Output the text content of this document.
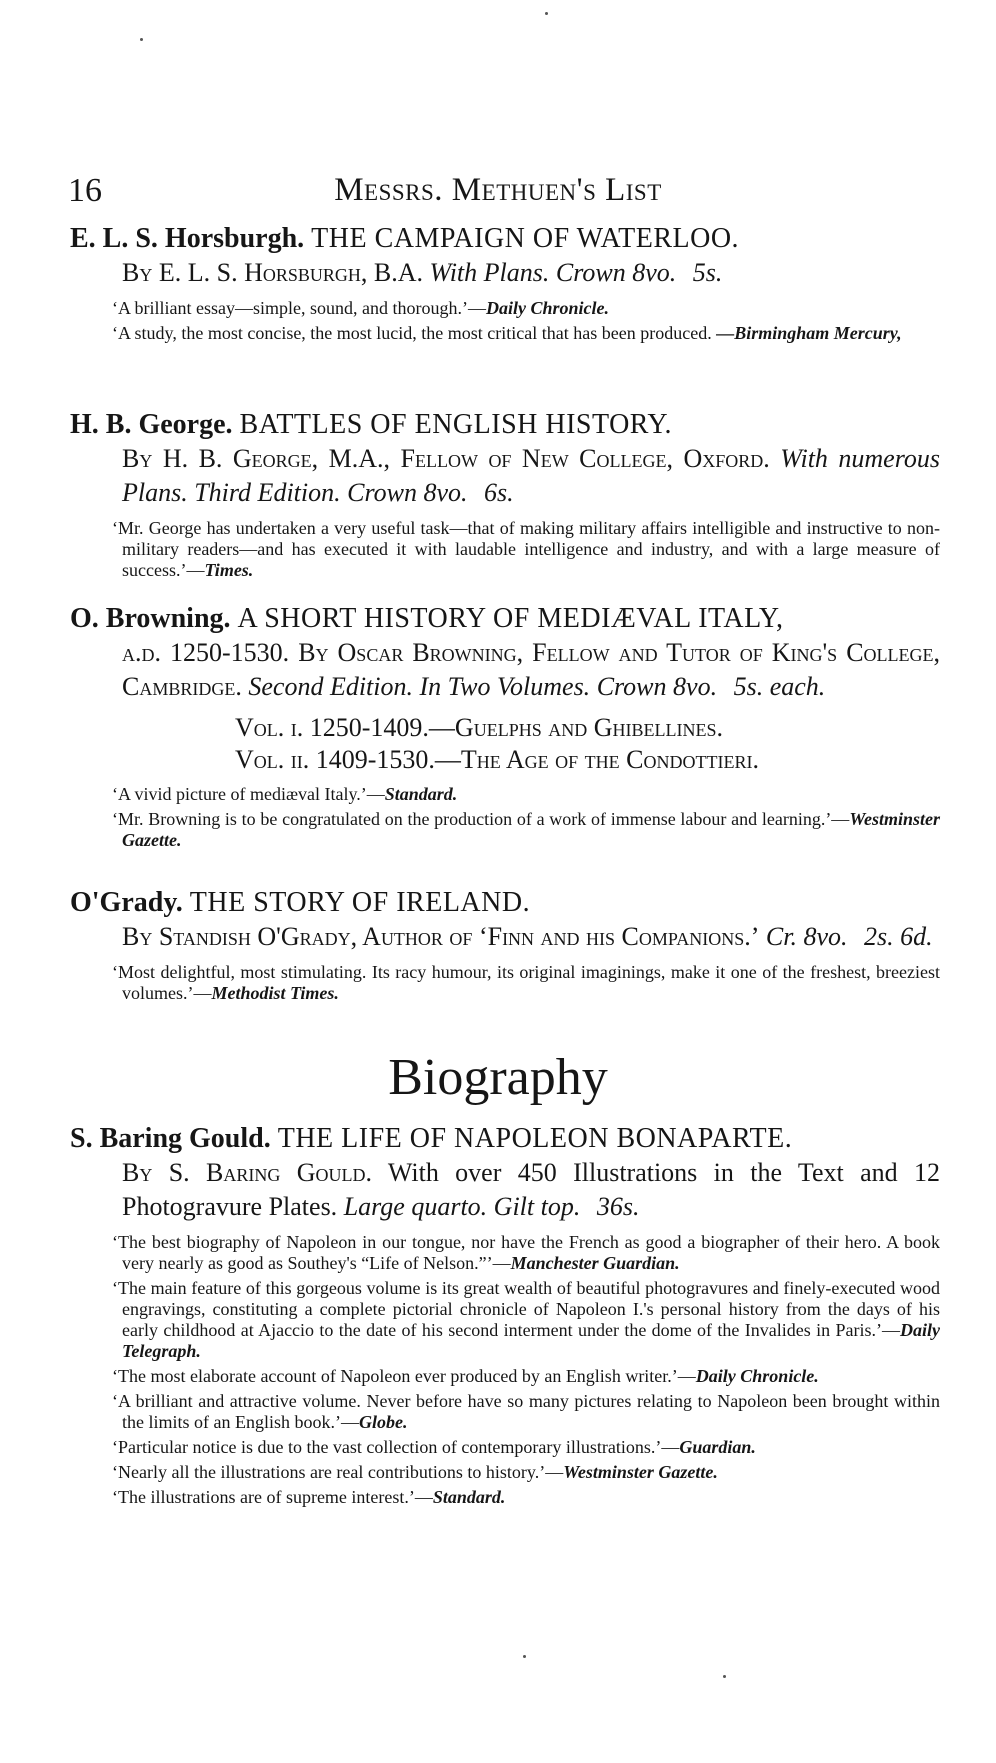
16	Messrs. Methuen's List
E. L. S. Horsburgh. THE CAMPAIGN OF WATERLOO.
By E. L. S. Horsburgh, B.A. With Plans. Crown 8vo. 5s.

‘A brilliant essay—simple, sound, and thorough.’—Daily Chronicle.

‘A study, the most concise, the most lucid, the most critical that has been produced. —Birmingham Mercury,

H. B. George. BATTLES OF ENGLISH HISTORY.
By H. B. George, M.A., Fellow of New College, Oxford. With numerous Plans. Third Edition. Crown 8vo. 6s.

‘Mr. George has undertaken a very useful task—that of making military affairs intelligible and instructive to non-military readers—and has executed it with laudable intelligence and industry, and with a large measure of success.’—Times.

O. Browning. A SHORT HISTORY OF MEDIÆVAL ITALY,
a.d. 1250-1530. By Oscar Browning, Fellow and Tutor of King's College, Cambridge. Second Edition. In Two Volumes. Crown 8vo. 5s. each.
Vol. i. 1250-1409.—Guelphs and Ghibellines.
Vol. ii. 1409-1530.—The Age of the Condottieri.

‘A vivid picture of mediæval Italy.’—Standard.

‘Mr. Browning is to be congratulated on the production of a work of immense labour and learning.’—Westminster Gazette.

O'Grady. THE STORY OF IRELAND.
By Standish O'Grady, Author of ‘Finn and his Companions.’ Cr. 8vo. 2s. 6d.

‘Most delightful, most stimulating. Its racy humour, its original imaginings, make it one of the freshest, breeziest volumes.’—Methodist Times.

Biography
S. Baring Gould. THE LIFE OF NAPOLEON BONAPARTE.
By S. Baring Gould. With over 450 Illustrations in the Text and 12 Photogravure Plates. Large quarto. Gilt top. 36s.

‘The best biography of Napoleon in our tongue, nor have the French as good a biographer of their hero. A book very nearly as good as Southey's “Life of Nelson.”’—Manchester Guardian.

‘The main feature of this gorgeous volume is its great wealth of beautiful photogravures and finely-executed wood engravings, constituting a complete pictorial chronicle of Napoleon I.'s personal history from the days of his early childhood at Ajaccio to the date of his second interment under the dome of the Invalides in Paris.’—Daily Telegraph.

‘The most elaborate account of Napoleon ever produced by an English writer.’—Daily Chronicle.

‘A brilliant and attractive volume. Never before have so many pictures relating to Napoleon been brought within the limits of an English book.’—Globe.

‘Particular notice is due to the vast collection of contemporary illustrations.’—Guardian.

‘Nearly all the illustrations are real contributions to history.’—Westminster Gazette.

‘The illustrations are of supreme interest.’—Standard.
